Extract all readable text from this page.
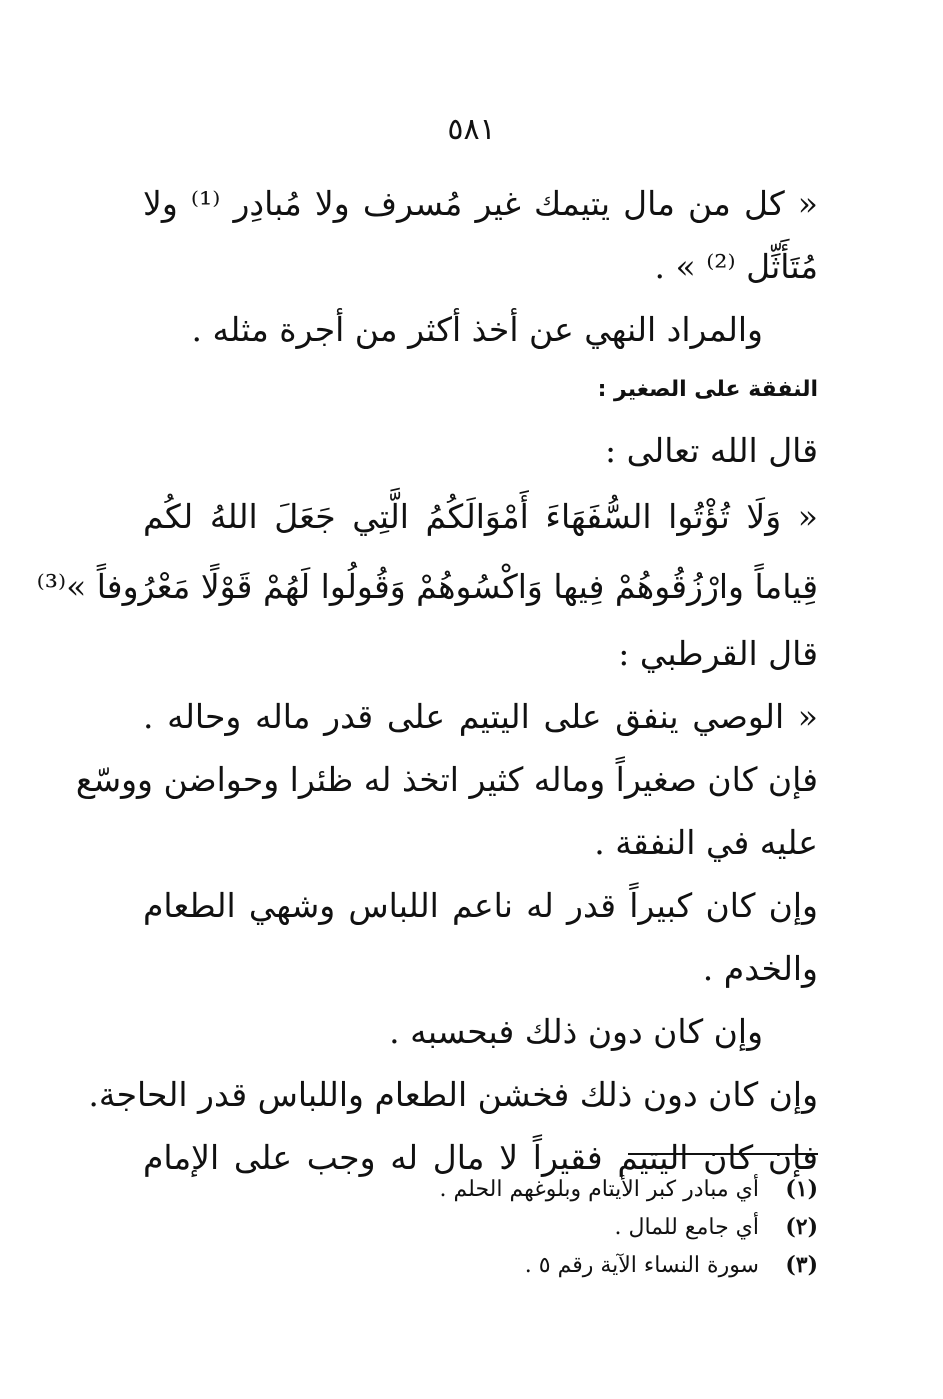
٥٨١
« كل من مال يتيمك غير مُسرف ولا مُبادِر ⁽¹⁾ ولا
مُتَأَثِّل ⁽²⁾ » .
والمراد النهي عن أخذ أكثر من أجرة مثله .
النفقة على الصغير :
قال الله تعالى :
« وَلَا تُؤْتُوا السُّفَهَاءَ أَمْوَالَكُمُ الَّتِي جَعَلَ اللهُ لكُم
قِياماً وارْزُقُوهُمْ فِيها وَاكْسُوهُمْ وَقُولُوا لَهُمْ قَوْلًا مَعْرُوفاً »⁽³⁾
قال القرطبي :
« الوصي ينفق على اليتيم على قدر ماله وحاله .
فإن كان صغيراً وماله كثير اتخذ له ظئرا وحواضن ووسّع
عليه في النفقة .
وإن كان كبيراً قدر له ناعم اللباس وشهي الطعام
والخدم .
وإن كان دون ذلك فبحسبه .
وإن كان دون ذلك فخشن الطعام واللباس قدر الحاجة.
فإن كان اليتيم فقيراً لا مال له وجب على الإمام
(١) أي مبادر كبر الأيتام وبلوغهم الحلم .
(٢) أي جامع للمال .
(٣) سورة النساء الآية رقم ٥ .
